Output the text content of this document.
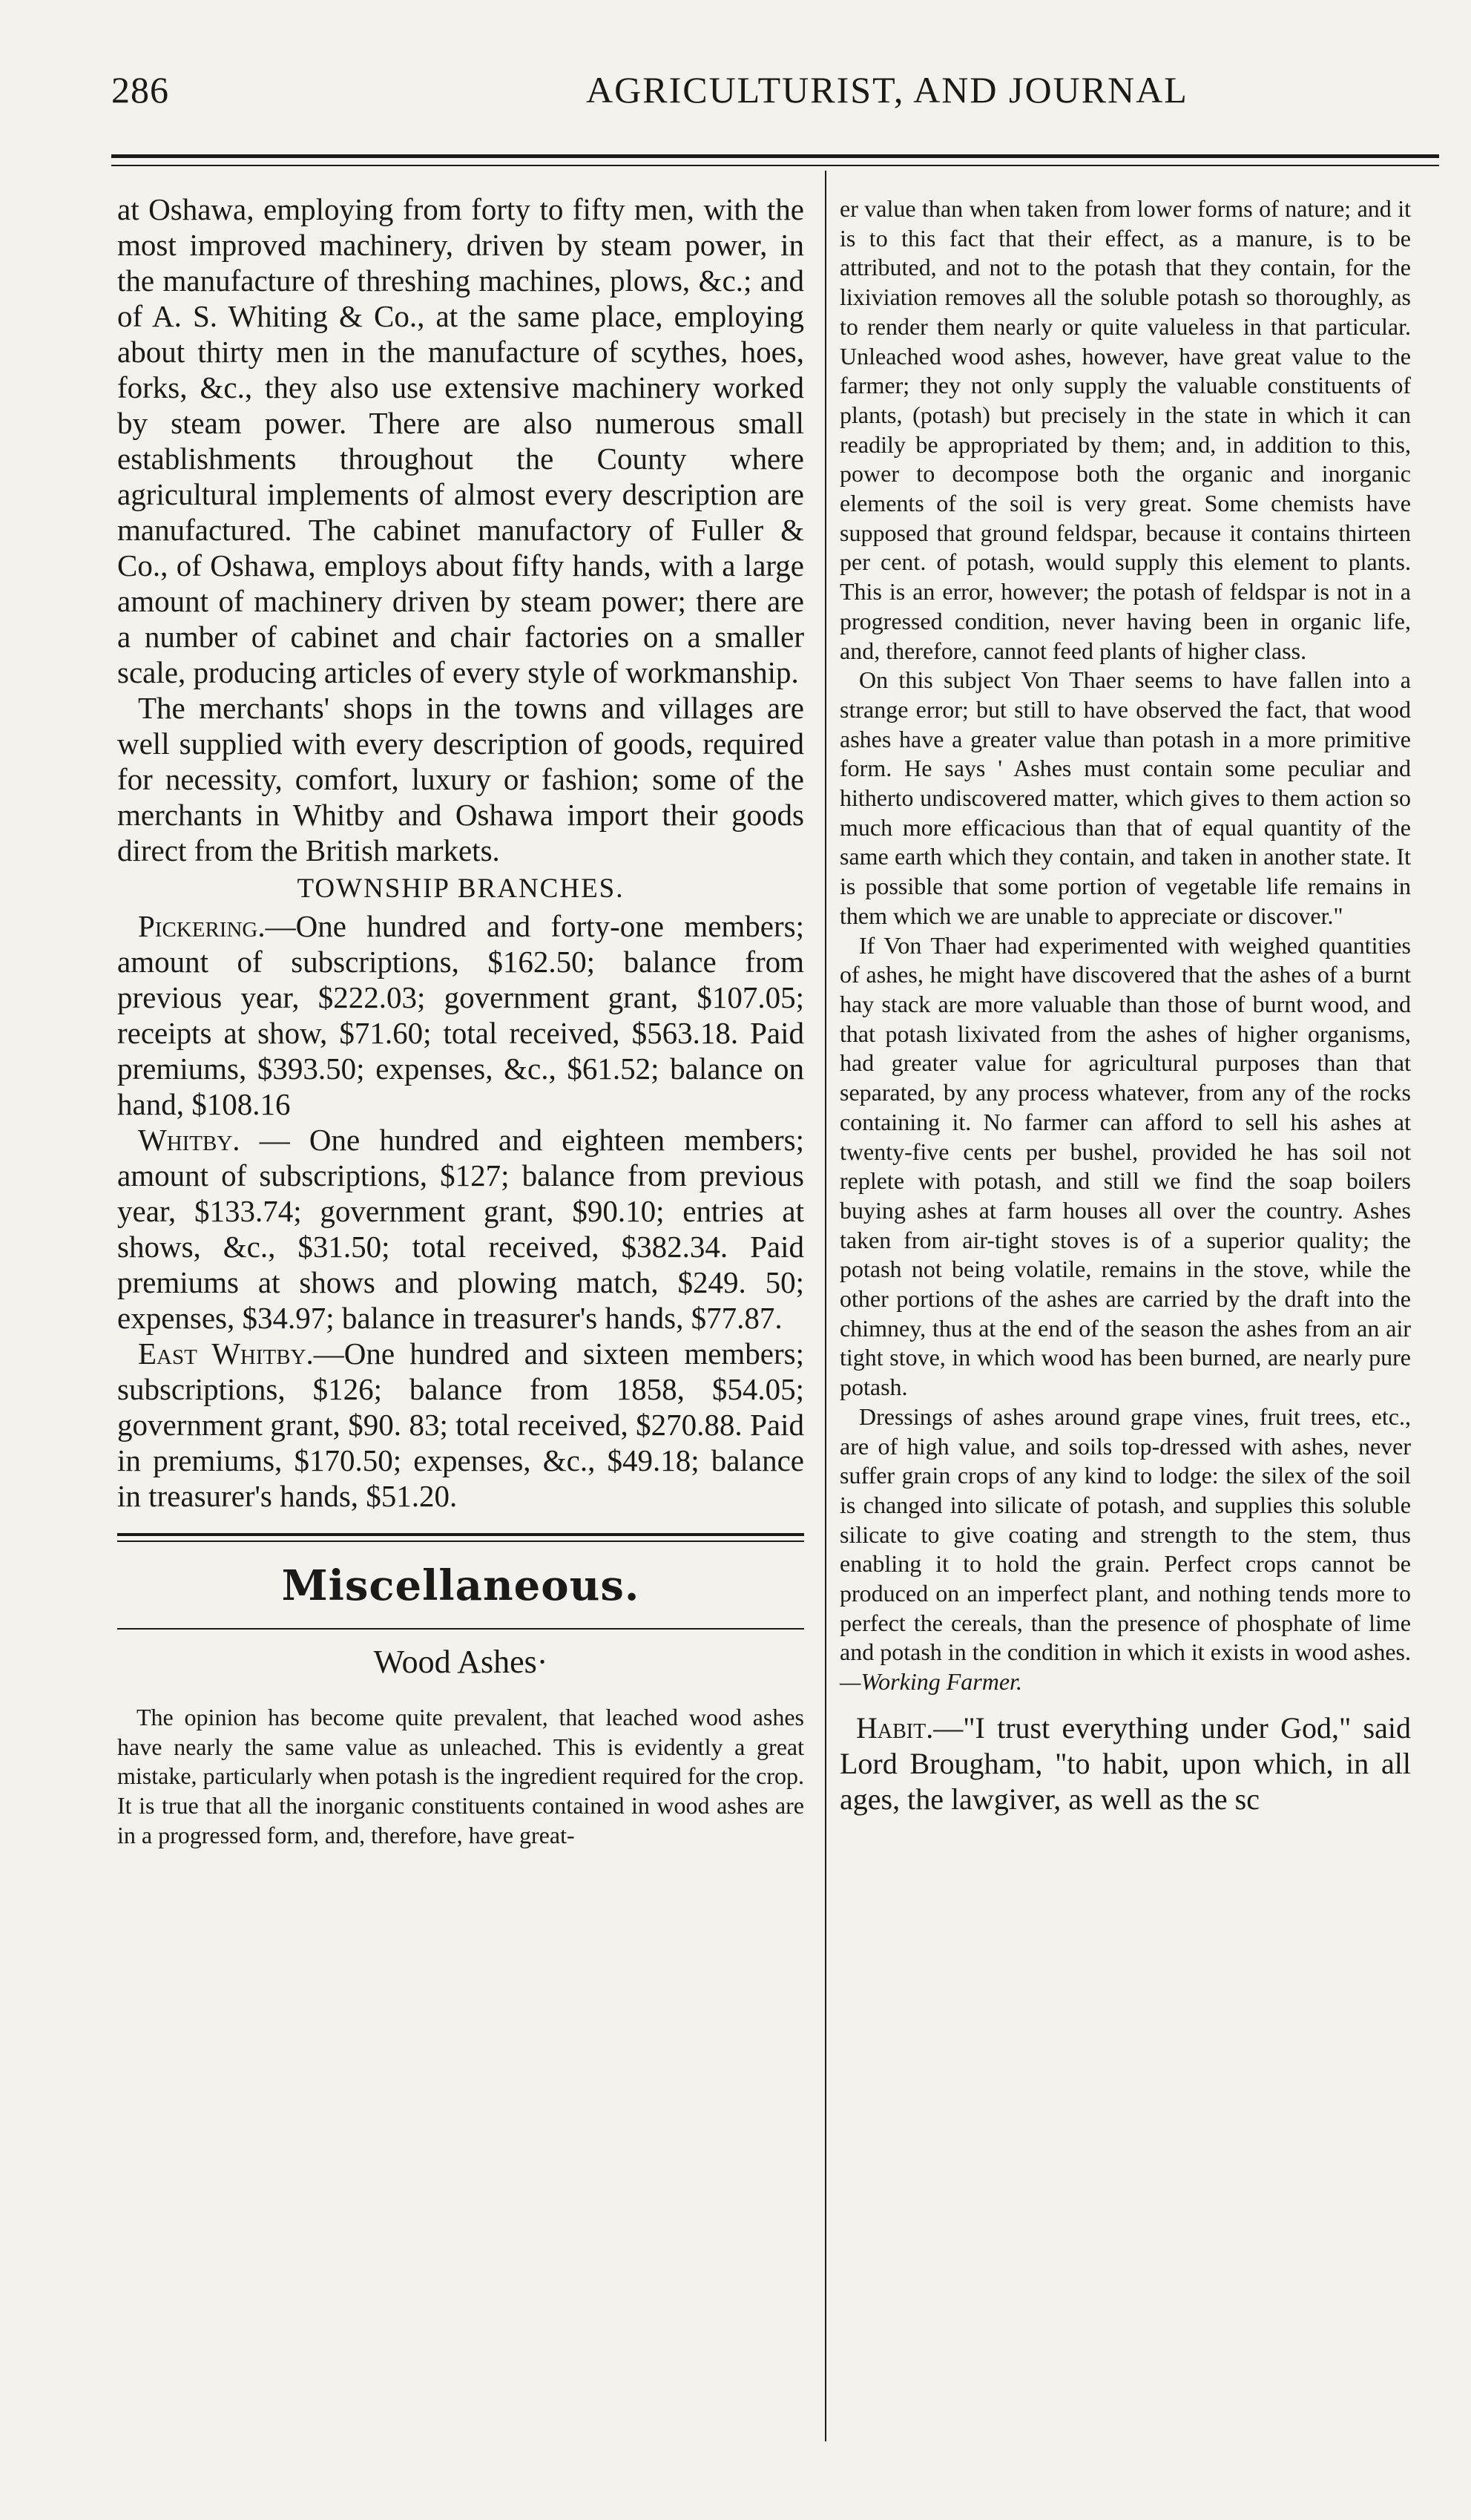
286	AGRICULTURIST, AND JOURNAL

at Oshawa, employing from forty to fifty men, with the most improved machinery, driven by steam power, in the manufacture of threshing machines, plows, &c.; and of A. S. Whiting & Co., at the same place, employing about thirty men in the manufacture of scythes, hoes, forks, &c., they also use extensive machinery worked by steam power. There are also numerous small establishments throughout the County where agricultural implements of almost every description are manufactured. The cabinet manufactory of Fuller & Co., of Oshawa, employs about fifty hands, with a large amount of machinery driven by steam power; there are a number of cabinet and chair factories on a smaller scale, producing articles of every style of workmanship.

The merchants' shops in the towns and villages are well supplied with every description of goods, required for necessity, comfort, luxury or fashion; some of the merchants in Whitby and Oshawa import their goods direct from the British markets.

TOWNSHIP BRANCHES.

Pickering.—One hundred and forty-one members; amount of subscriptions, $162.50; balance from previous year, $222.03; government grant, $107.05; receipts at show, $71.60; total received, $563.18. Paid premiums, $393.50; expenses, &c., $61.52; balance on hand, $108.16

Whitby. — One hundred and eighteen members; amount of subscriptions, $127; balance from previous year, $133.74; government grant, $90.10; entries at shows, &c., $31.50; total received, $382.34. Paid premiums at shows and plowing match, $249. 50; expenses, $34.97; balance in treasurer's hands, $77.87.

East Whitby.—One hundred and sixteen members; subscriptions, $126; balance from 1858, $54.05; government grant, $90. 83; total received, $270.88. Paid in premiums, $170.50; expenses, &c., $49.18; balance in treasurer's hands, $51.20.

Miscellaneous.
Wood Ashes·

The opinion has become quite prevalent, that leached wood ashes have nearly the same value as unleached. This is evidently a great mistake, particularly when potash is the ingredient required for the crop. It is true that all the inorganic constituents contained in wood ashes are in a progressed form, and, therefore, have great-

er value than when taken from lower forms of nature; and it is to this fact that their effect, as a manure, is to be attributed, and not to the potash that they contain, for the lixiviation removes all the soluble potash so thoroughly, as to render them nearly or quite valueless in that particular. Unleached wood ashes, however, have great value to the farmer; they not only supply the valuable constituents of plants, (potash) but precisely in the state in which it can readily be appropriated by them; and, in addition to this, power to decompose both the organic and inorganic elements of the soil is very great. Some chemists have supposed that ground feldspar, because it contains thirteen per cent. of potash, would supply this element to plants. This is an error, however; the potash of feldspar is not in a progressed condition, never having been in organic life, and, therefore, cannot feed plants of higher class.

On this subject Von Thaer seems to have fallen into a strange error; but still to have observed the fact, that wood ashes have a greater value than potash in a more primitive form. He says ' Ashes must contain some peculiar and hitherto undiscovered matter, which gives to them action so much more efficacious than that of equal quantity of the same earth which they contain, and taken in another state. It is possible that some portion of vegetable life remains in them which we are unable to appreciate or discover."

If Von Thaer had experimented with weighed quantities of ashes, he might have discovered that the ashes of a burnt hay stack are more valuable than those of burnt wood, and that potash lixivated from the ashes of higher organisms, had greater value for agricultural purposes than that separated, by any process whatever, from any of the rocks containing it. No farmer can afford to sell his ashes at twenty-five cents per bushel, provided he has soil not replete with potash, and still we find the soap boilers buying ashes at farm houses all over the country. Ashes taken from air-tight stoves is of a superior quality; the potash not being volatile, remains in the stove, while the other portions of the ashes are carried by the draft into the chimney, thus at the end of the season the ashes from an air tight stove, in which wood has been burned, are nearly pure potash.

Dressings of ashes around grape vines, fruit trees, etc., are of high value, and soils top-dressed with ashes, never suffer grain crops of any kind to lodge: the silex of the soil is changed into silicate of potash, and supplies this soluble silicate to give coating and strength to the stem, thus enabling it to hold the grain. Perfect crops cannot be produced on an imperfect plant, and nothing tends more to perfect the cereals, than the presence of phosphate of lime and potash in the condition in which it exists in wood ashes. —Working Farmer.

Habit.—"I trust everything under God," said Lord Brougham, "to habit, upon which, in all ages, the lawgiver, as well as the sc
